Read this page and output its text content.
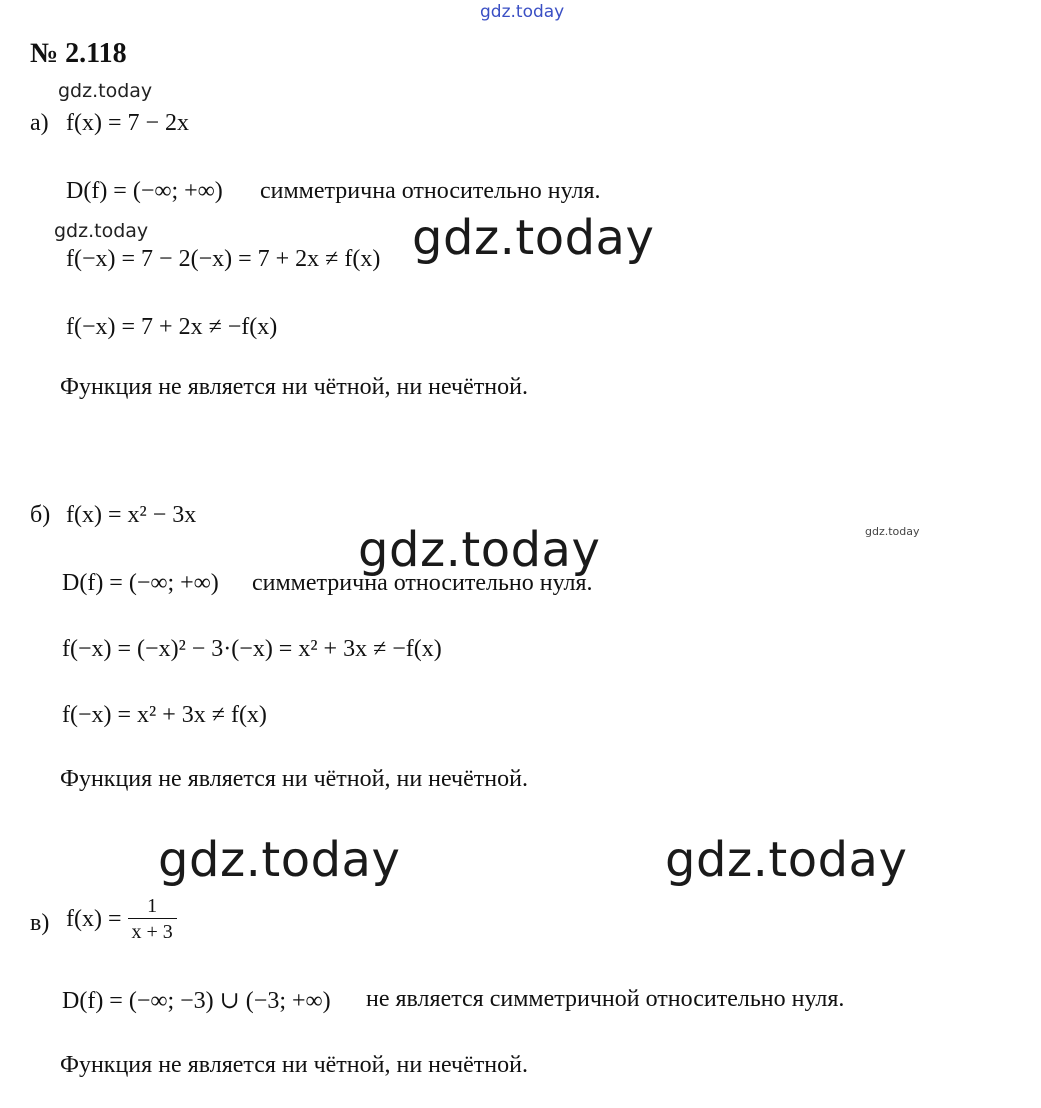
gdz.today
gdz.today
gdz.today
gdz.today
gdz.today
gdz.today
gdz.today	gdz.today
№ 2.118
а) f(x) = 7 − 2x
D(f) = (−∞; +∞) симметрична относительно нуля.
f(−x) = 7 − 2(−x) = 7 + 2x ≠ f(x)
f(−x) = 7 + 2x ≠ −f(x)
Функция не является ни чётной, ни нечётной.
б) f(x) = x² − 3x
D(f) = (−∞; +∞) симметрична относительно нуля.
f(−x) = (−x)² − 3·(−x) = x² + 3x ≠ −f(x)
f(−x) = x² + 3x ≠ f(x)
Функция не является ни чётной, ни нечётной.
в) $f(x) = \frac{1}{x + 3}$
D(f) = (−∞; −3) ∪ (−3; +∞) не является симметричной относительно нуля.
Функция не является ни чётной, ни нечётной.
